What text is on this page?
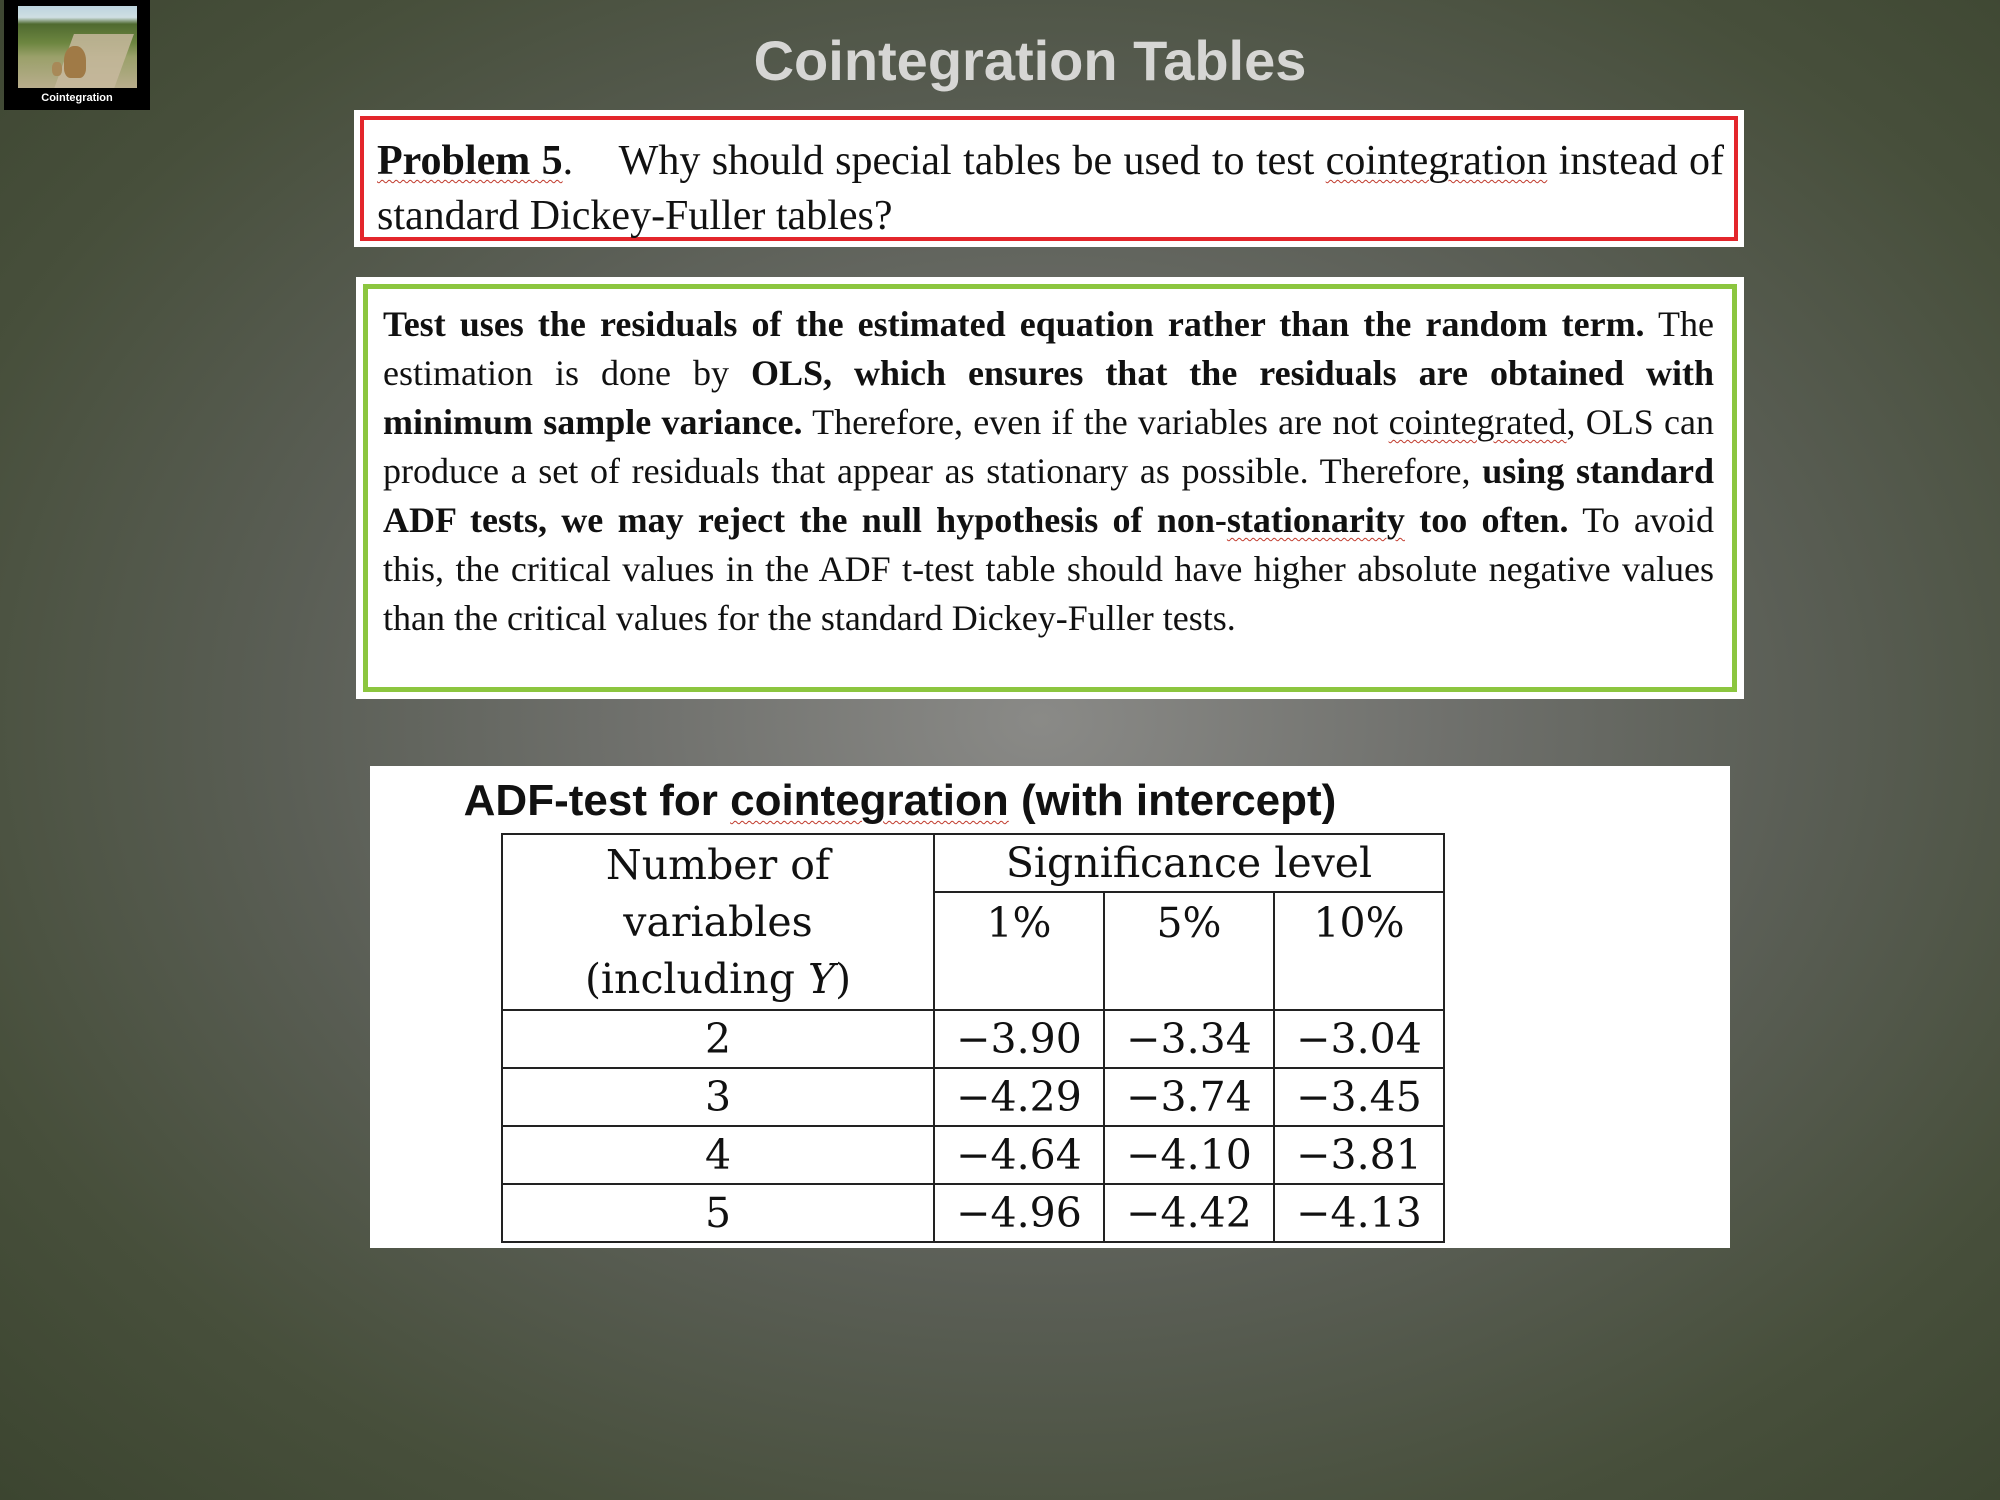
Cointegration
Cointegration Tables
Problem 5. Why should special tables be used to test cointegration instead of standard Dickey-Fuller tables?
Test uses the residuals of the estimated equation rather than the random term. The estimation is done by OLS, which ensures that the residuals are obtained with minimum sample variance. Therefore, even if the variables are not cointegrated, OLS can produce a set of residuals that appear as stationary as possible. Therefore, using standard ADF tests, we may reject the null hypothesis of non-stationarity too often. To avoid this, the critical values in the ADF t-test table should have higher absolute negative values than the critical values for the standard Dickey-Fuller tests.
ADF-test for cointegration (with intercept)
Number of
variables
(including Y)	Significance level		
	1%	5%	10%
2	−3.90	−3.34	−3.04
3	−4.29	−3.74	−3.45
4	−4.64	−4.10	−3.81
5	−4.96	−4.42	−4.13
